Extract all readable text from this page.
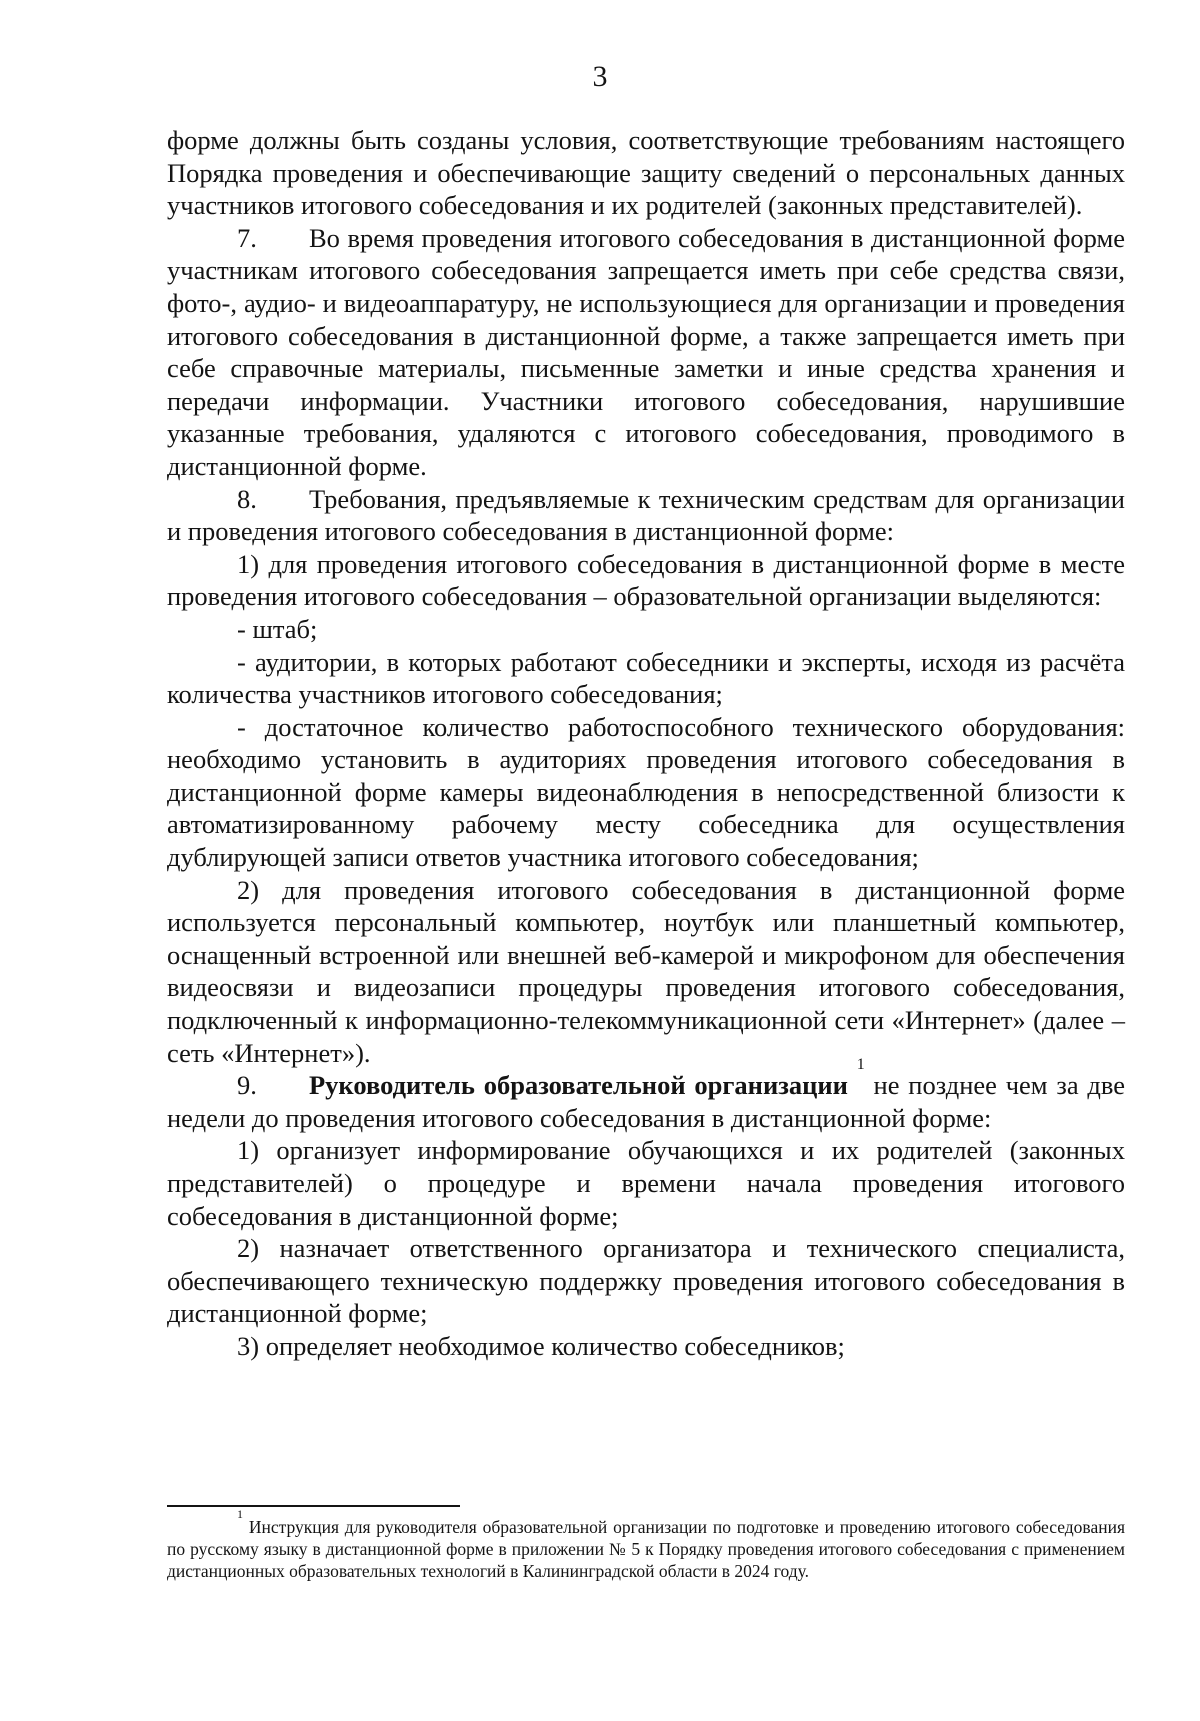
3

форме должны быть созданы условия, соответствующие требованиям настоящего Порядка проведения и обеспечивающие защиту сведений о персональных данных участников итогового собеседования и их родителей (законных представителей).

7. Во время проведения итогового собеседования в дистанционной форме участникам итогового собеседования запрещается иметь при себе средства связи, фото-, аудио- и видеоаппаратуру, не использующиеся для организации и проведения итогового собеседования в дистанционной форме, а также запрещается иметь при себе справочные материалы, письменные заметки и иные средства хранения и передачи информации. Участники итогового собеседования, нарушившие указанные требования, удаляются с итогового собеседования, проводимого в дистанционной форме.

8. Требования, предъявляемые к техническим средствам для организации и проведения итогового собеседования в дистанционной форме:

1) для проведения итогового собеседования в дистанционной форме в месте проведения итогового собеседования – образовательной организации выделяются:

- штаб;

- аудитории, в которых работают собеседники и эксперты, исходя из расчёта количества участников итогового собеседования;

- достаточное количество работоспособного технического оборудования: необходимо установить в аудиториях проведения итогового собеседования в дистанционной форме камеры видеонаблюдения в непосредственной близости к автоматизированному рабочему месту собеседника для осуществления дублирующей записи ответов участника итогового собеседования;

2) для проведения итогового собеседования в дистанционной форме используется персональный компьютер, ноутбук или планшетный компьютер, оснащенный встроенной или внешней веб-камерой и микрофоном для обеспечения видеосвязи и видеозаписи процедуры проведения итогового собеседования, подключенный к информационно-телекоммуникационной сети «Интернет» (далее – сеть «Интернет»).

9. Руководитель образовательной организации $^1$ не позднее чем за две недели до проведения итогового собеседования в дистанционной форме:

1) организует информирование обучающихся и их родителей (законных представителей) о процедуре и времени начала проведения итогового собеседования в дистанционной форме;

2) назначает ответственного организатора и технического специалиста, обеспечивающего техническую поддержку проведения итогового собеседования в дистанционной форме;

3) определяет необходимое количество собеседников;

$^1$ Инструкция для руководителя образовательной организации по подготовке и проведению итогового собеседования по русскому языку в дистанционной форме в приложении № 5 к Порядку проведения итогового собеседования с применением дистанционных образовательных технологий в Калининградской области в 2024 году.
